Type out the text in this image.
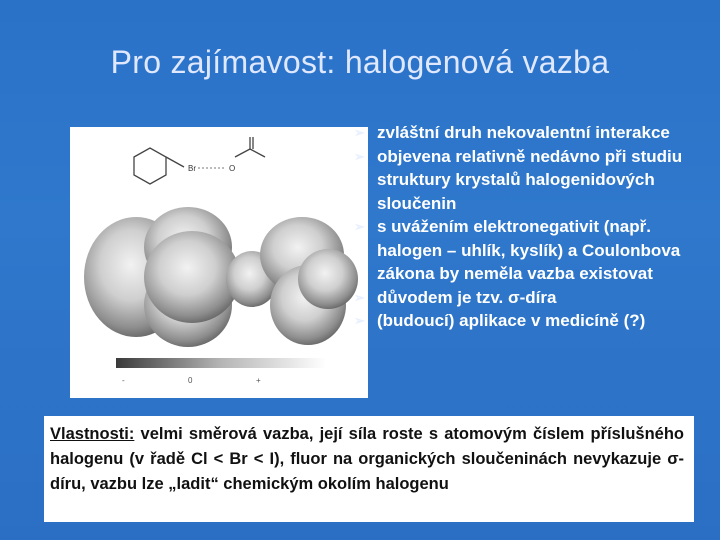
Pro zajímavost: halogenová vazba
Br	O
-	0	+
➢ zvláštní druh nekovalentní interakce
➢ objevena relativně nedávno při studiu struktury krystalů halogenidových sloučenin
➢ s uvážením elektronegativit (např. halogen – uhlík, kyslík) a Coulonbova zákona by neměla vazba existovat
➢ důvodem je tzv. σ-díra
➢ (budoucí) aplikace v medicíně (?)
Vlastnosti: velmi směrová vazba, její síla roste s atomovým číslem příslušného halogenu (v řadě Cl < Br < I), fluor na organických sloučeninách nevykazuje σ-díru, vazbu lze „ladit“ chemickým okolím halogenu
